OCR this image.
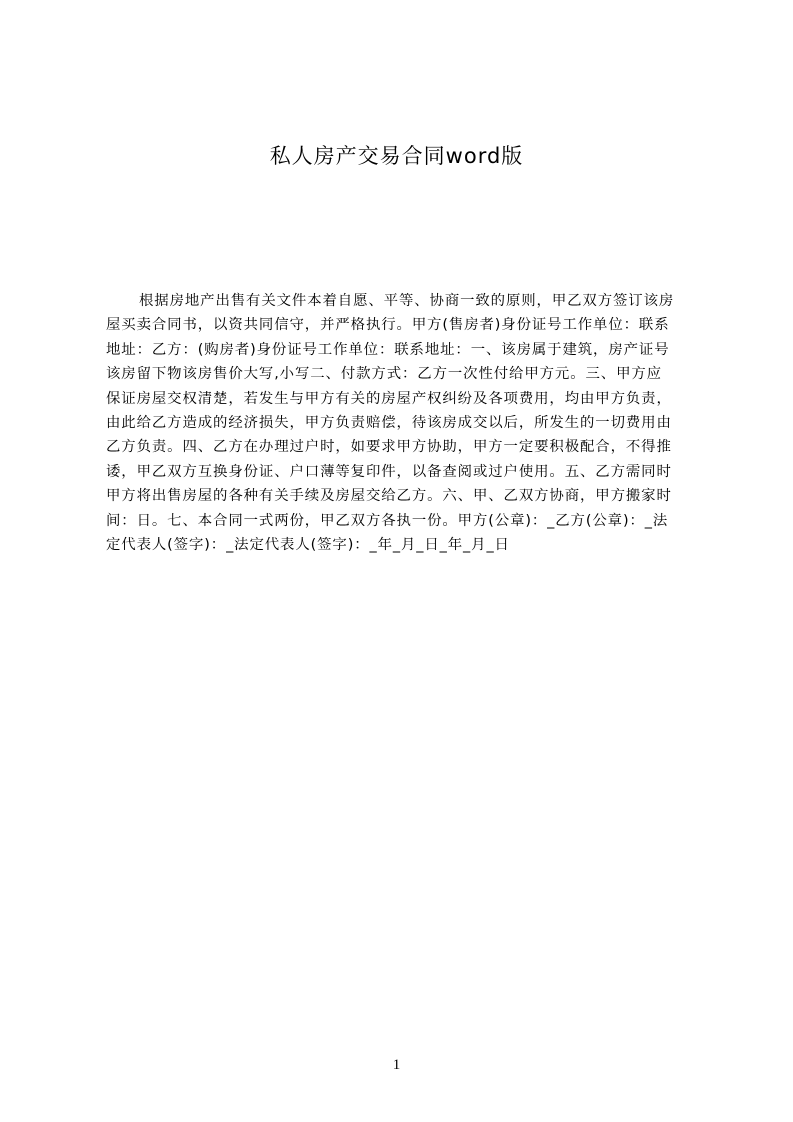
私人房产交易合同word版
根据房地产出售有关文件本着自愿、平等、协商一致的原则，甲乙双方签订该房
屋买卖合同书，以资共同信守，并严格执行。甲方(售房者)身份证号工作单位：联系
地址：乙方：(购房者)身份证号工作单位：联系地址：一、该房属于建筑，房产证号
该房留下物该房售价大写,小写二、付款方式：乙方一次性付给甲方元。三、甲方应
保证房屋交权清楚，若发生与甲方有关的房屋产权纠纷及各项费用，均由甲方负责，
由此给乙方造成的经济损失，甲方负责赔偿，待该房成交以后，所发生的一切费用由
乙方负责。四、乙方在办理过户时，如要求甲方协助，甲方一定要积极配合，不得推
诿，甲乙双方互换身份证、户口薄等复印件，以备查阅或过户使用。五、乙方需同时
甲方将出售房屋的各种有关手续及房屋交给乙方。六、甲、乙双方协商，甲方搬家时
间：日。七、本合同一式两份，甲乙双方各执一份。甲方(公章)：_乙方(公章)：_法
定代表人(签字)：_法定代表人(签字)：_年_月_日_年_月_日
1
